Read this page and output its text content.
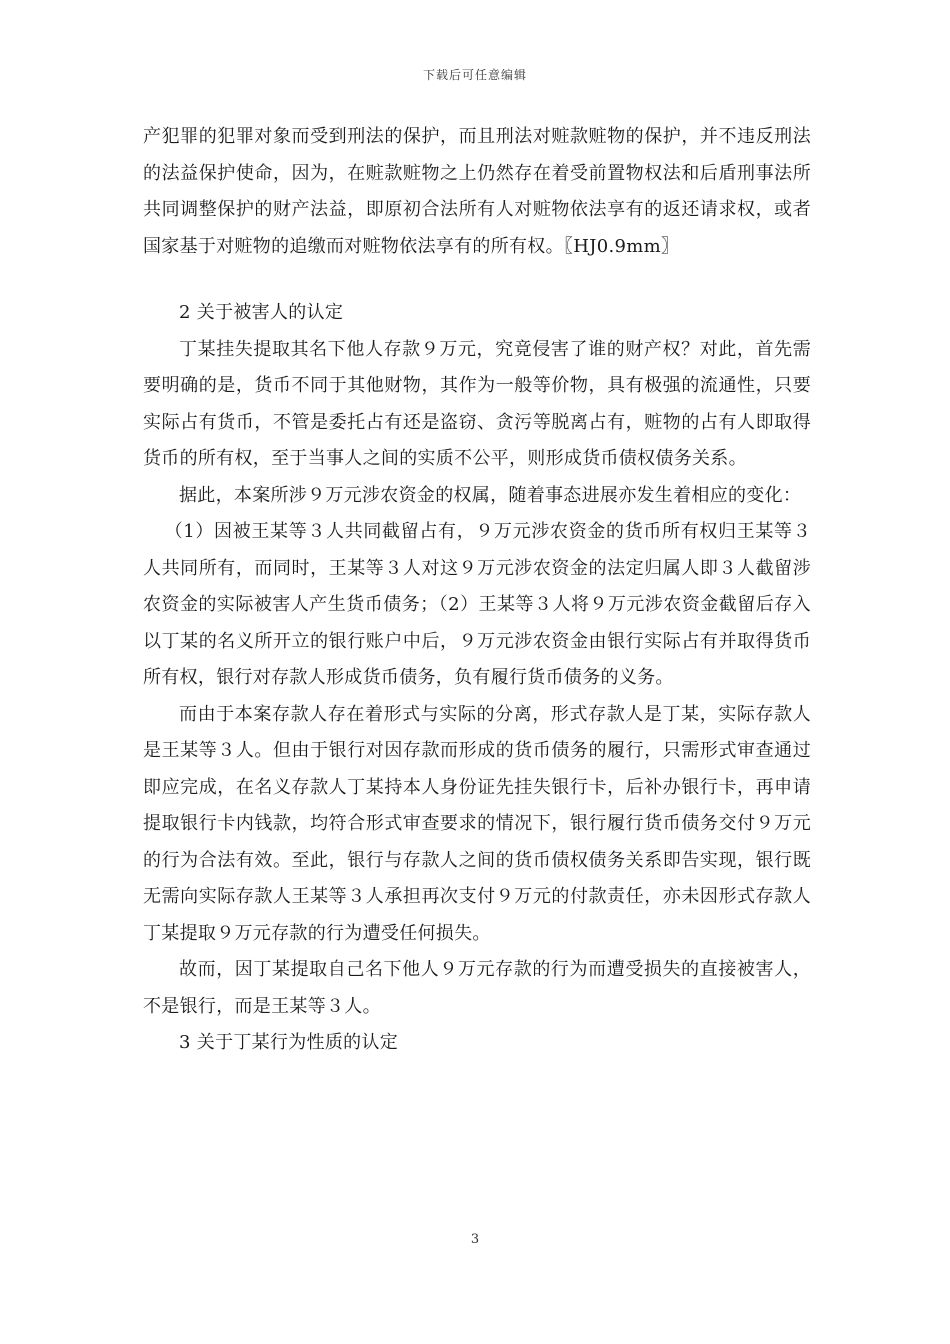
下载后可任意编辑

产犯罪的犯罪对象而受到刑法的保护，而且刑法对赃款赃物的保护，并不违反刑法的法益保护使命，因为，在赃款赃物之上仍然存在着受前置物权法和后盾刑事法所共同调整保护的财产法益，即原初合法所有人对赃物依法享有的返还请求权，或者国家基于对赃物的追缴而对赃物依法享有的所有权。〖HJ0.9mm〗

2 关于被害人的认定

丁某挂失提取其名下他人存款９万元，究竟侵害了谁的财产权？对此，首先需要明确的是，货币不同于其他财物，其作为一般等价物，具有极强的流通性，只要实际占有货币，不管是委托占有还是盗窃、贪污等脱离占有，赃物的占有人即取得货币的所有权，至于当事人之间的实质不公平，则形成货币债权债务关系。

据此，本案所涉９万元涉农资金的权属，随着事态进展亦发生着相应的变化：

（1）因被王某等３人共同截留占有，９万元涉农资金的货币所有权归王某等３人共同所有，而同时，王某等３人对这９万元涉农资金的法定归属人即３人截留涉农资金的实际被害人产生货币债务；（2）王某等３人将９万元涉农资金截留后存入以丁某的名义所开立的银行账户中后，９万元涉农资金由银行实际占有并取得货币所有权，银行对存款人形成货币债务，负有履行货币债务的义务。

而由于本案存款人存在着形式与实际的分离，形式存款人是丁某，实际存款人是王某等３人。但由于银行对因存款而形成的货币债务的履行，只需形式审查通过即应完成，在名义存款人丁某持本人身份证先挂失银行卡，后补办银行卡，再申请提取银行卡内钱款，均符合形式审查要求的情况下，银行履行货币债务交付９万元的行为合法有效。至此，银行与存款人之间的货币债权债务关系即告实现，银行既无需向实际存款人王某等３人承担再次支付９万元的付款责任，亦未因形式存款人丁某提取９万元存款的行为遭受任何损失。

故而，因丁某提取自己名下他人９万元存款的行为而遭受损失的直接被害人，不是银行，而是王某等３人。

3 关于丁某行为性质的认定

3
